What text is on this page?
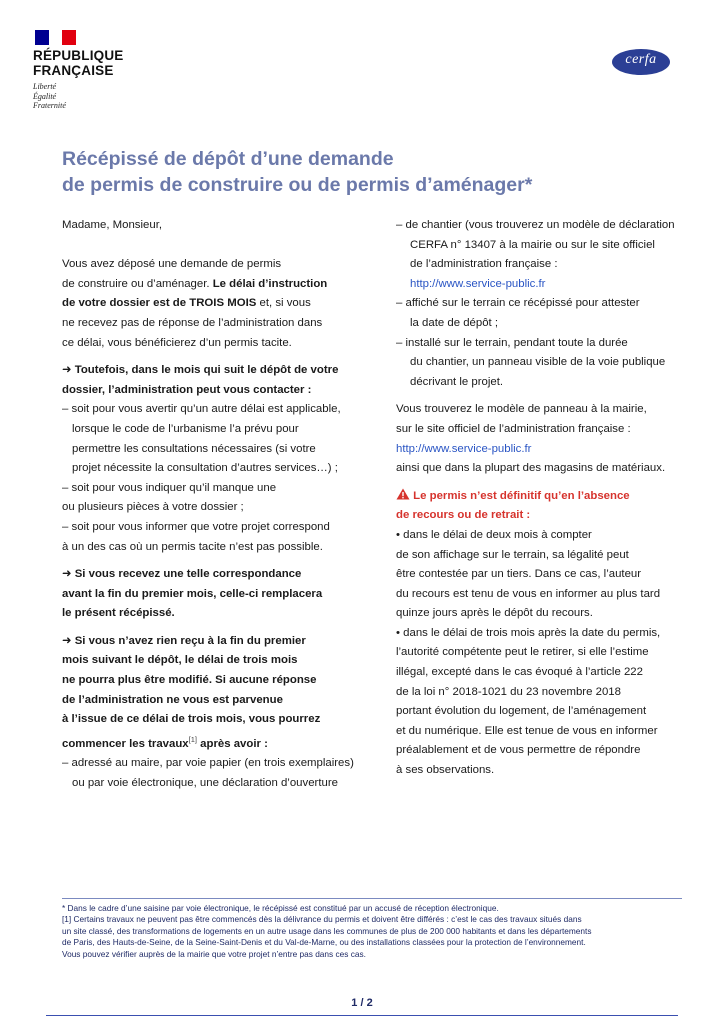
RÉPUBLIQUE
FRANÇAISE
Liberté
Égalité
Fraternité
cerfa
Récépissé de dépôt d’une demande
de permis de construire ou de permis d’aménager*
Madame, Monsieur,
Vous avez déposé une demande de permis
de construire ou d’aménager. Le délai d’instruction
de votre dossier est de TROIS MOIS et, si vous
ne recevez pas de réponse de l’administration dans
ce délai, vous bénéficierez d’un permis tacite.
➜ Toutefois, dans le mois qui suit le dépôt de votre
dossier, l’administration peut vous contacter :
– soit pour vous avertir qu’un autre délai est applicable,
lorsque le code de l’urbanisme l’a prévu pour
permettre les consultations nécessaires (si votre
projet nécessite la consultation d’autres services…) ;
– soit pour vous indiquer qu’il manque une
ou plusieurs pièces à votre dossier ;
– soit pour vous informer que votre projet correspond
à un des cas où un permis tacite n’est pas possible.
➜ Si vous recevez une telle correspondance
avant la fin du premier mois, celle-ci remplacera
le présent récépissé.
➜ Si vous n’avez rien reçu à la fin du premier
mois suivant le dépôt, le délai de trois mois
ne pourra plus être modifié. Si aucune réponse
de l’administration ne vous est parvenue
à l’issue de ce délai de trois mois, vous pourrez
commencer les travaux[1] après avoir :
– adressé au maire, par voie papier (en trois exemplaires)
ou par voie électronique, une déclaration d’ouverture
– de chantier (vous trouverez un modèle de déclaration
CERFA n° 13407 à la mairie ou sur le site officiel
de l’administration française :
http://www.service-public.fr
– affiché sur le terrain ce récépissé pour attester
la date de dépôt ;
– installé sur le terrain, pendant toute la durée
du chantier, un panneau visible de la voie publique
décrivant le projet.
Vous trouverez le modèle de panneau à la mairie,
sur le site officiel de l’administration française :
http://www.service-public.fr
ainsi que dans la plupart des magasins de matériaux.
Le permis n’est définitif qu’en l’absence
de recours ou de retrait :
• dans le délai de deux mois à compter
de son affichage sur le terrain, sa légalité peut
être contestée par un tiers. Dans ce cas, l’auteur
du recours est tenu de vous en informer au plus tard
quinze jours après le dépôt du recours.
• dans le délai de trois mois après la date du permis,
l’autorité compétente peut le retirer, si elle l’estime
illégal, excepté dans le cas évoqué à l’article 222
de la loi n° 2018-1021 du 23 novembre 2018
portant évolution du logement, de l’aménagement
et du numérique. Elle est tenue de vous en informer
préalablement et de vous permettre de répondre
à ses observations.
* Dans le cadre d’une saisine par voie électronique, le récépissé est constitué par un accusé de réception électronique.
[1] Certains travaux ne peuvent pas être commencés dès la délivrance du permis et doivent être différés : c’est le cas des travaux situés dans
un site classé, des transformations de logements en un autre usage dans les communes de plus de 200 000 habitants et dans les départements
de Paris, des Hauts-de-Seine, de la Seine-Saint-Denis et du Val-de-Marne, ou des installations classées pour la protection de l’environnement.
Vous pouvez vérifier auprès de la mairie que votre projet n’entre pas dans ces cas.
1 / 2
